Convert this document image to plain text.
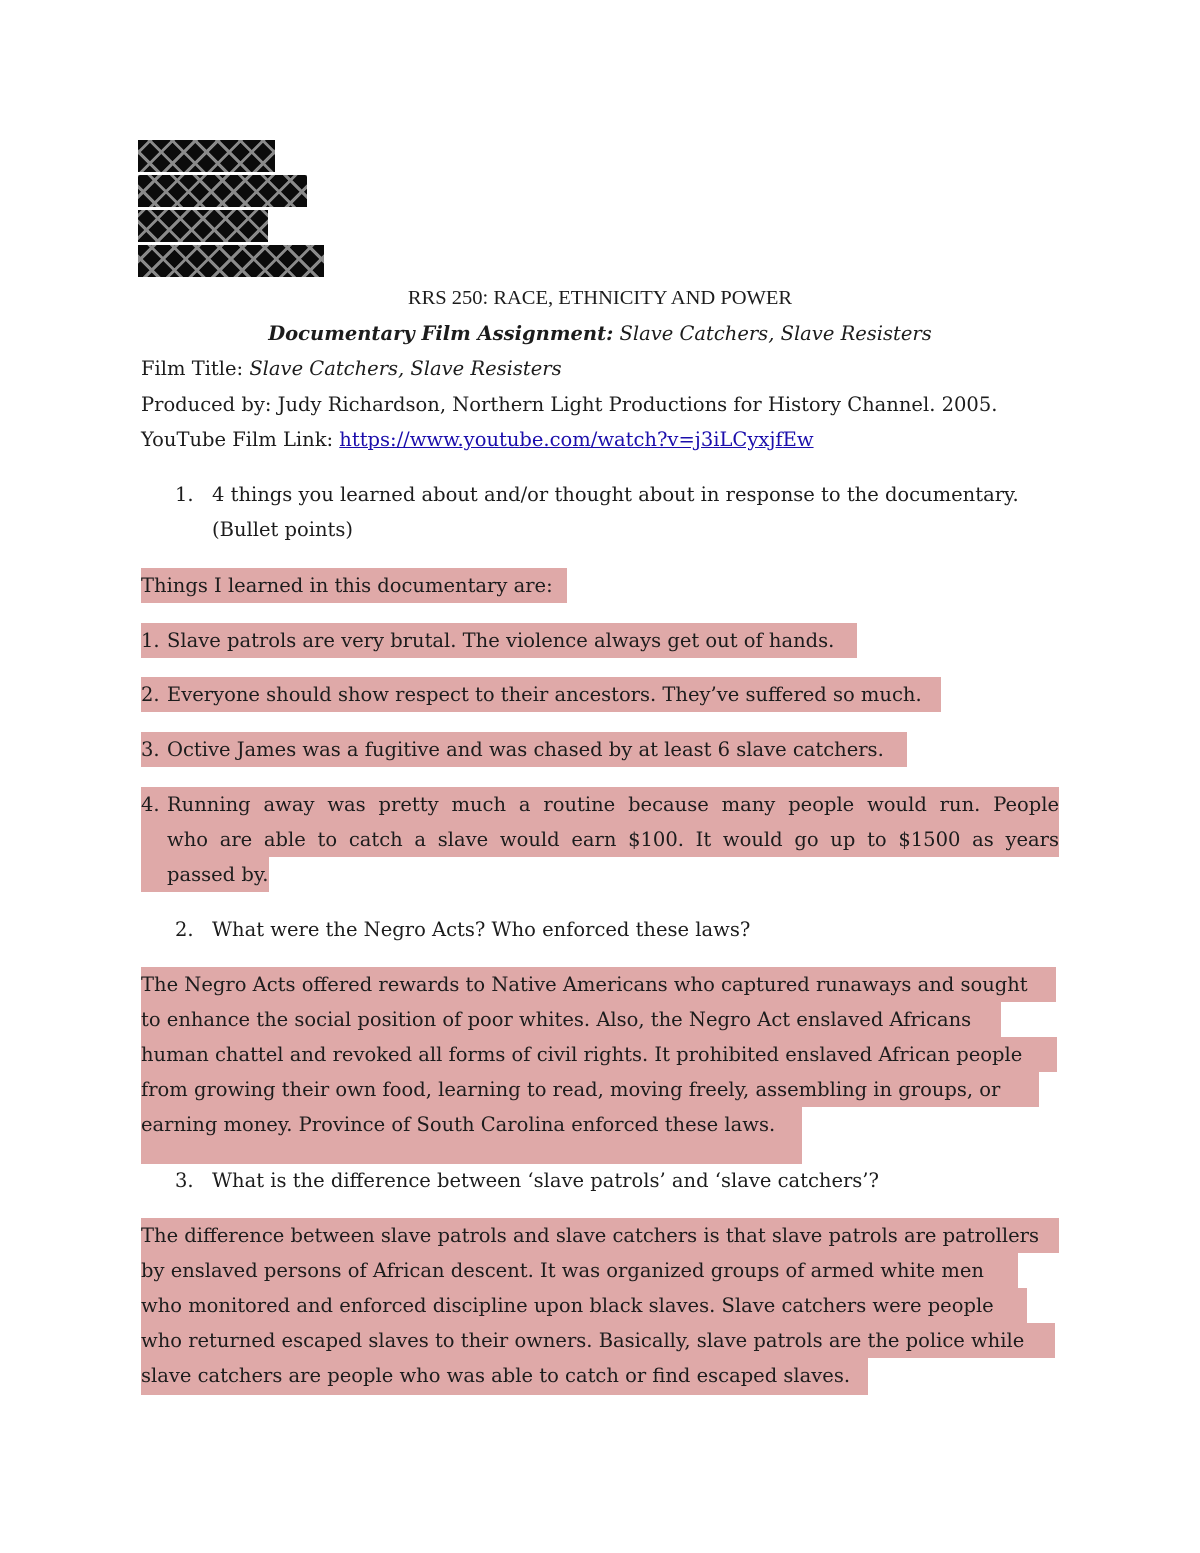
RRS 250: RACE, ETHNICITY AND POWER
Documentary Film Assignment: Slave Catchers, Slave Resisters
Film Title: Slave Catchers, Slave Resisters
Produced by: Judy Richardson, Northern Light Productions for History Channel. 2005.
YouTube Film Link: https://www.youtube.com/watch?v=j3iLCyxjfEw
1. 4 things you learned about and/or thought about in response to the documentary.
(Bullet points)
Things I learned in this documentary are:
1. Slave patrols are very brutal. The violence always get out of hands.
2. Everyone should show respect to their ancestors. They’ve suffered so much.
3. Octive James was a fugitive and was chased by at least 6 slave catchers.
4. Running away was pretty much a routine because many people would run. People
who are able to catch a slave would earn $100. It would go up to $1500 as years
passed by.
2. What were the Negro Acts? Who enforced these laws?
The Negro Acts offered rewards to Native Americans who captured runaways and sought
to enhance the social position of poor whites. Also, the Negro Act enslaved Africans
human chattel and revoked all forms of civil rights. It prohibited enslaved African people
from growing their own food, learning to read, moving freely, assembling in groups, or
earning money. Province of South Carolina enforced these laws.
3. What is the difference between ‘slave patrols’ and ‘slave catchers’?
The difference between slave patrols and slave catchers is that slave patrols are patrollers
by enslaved persons of African descent. It was organized groups of armed white men
who monitored and enforced discipline upon black slaves. Slave catchers were people
who returned escaped slaves to their owners. Basically, slave patrols are the police while
slave catchers are people who was able to catch or find escaped slaves.
